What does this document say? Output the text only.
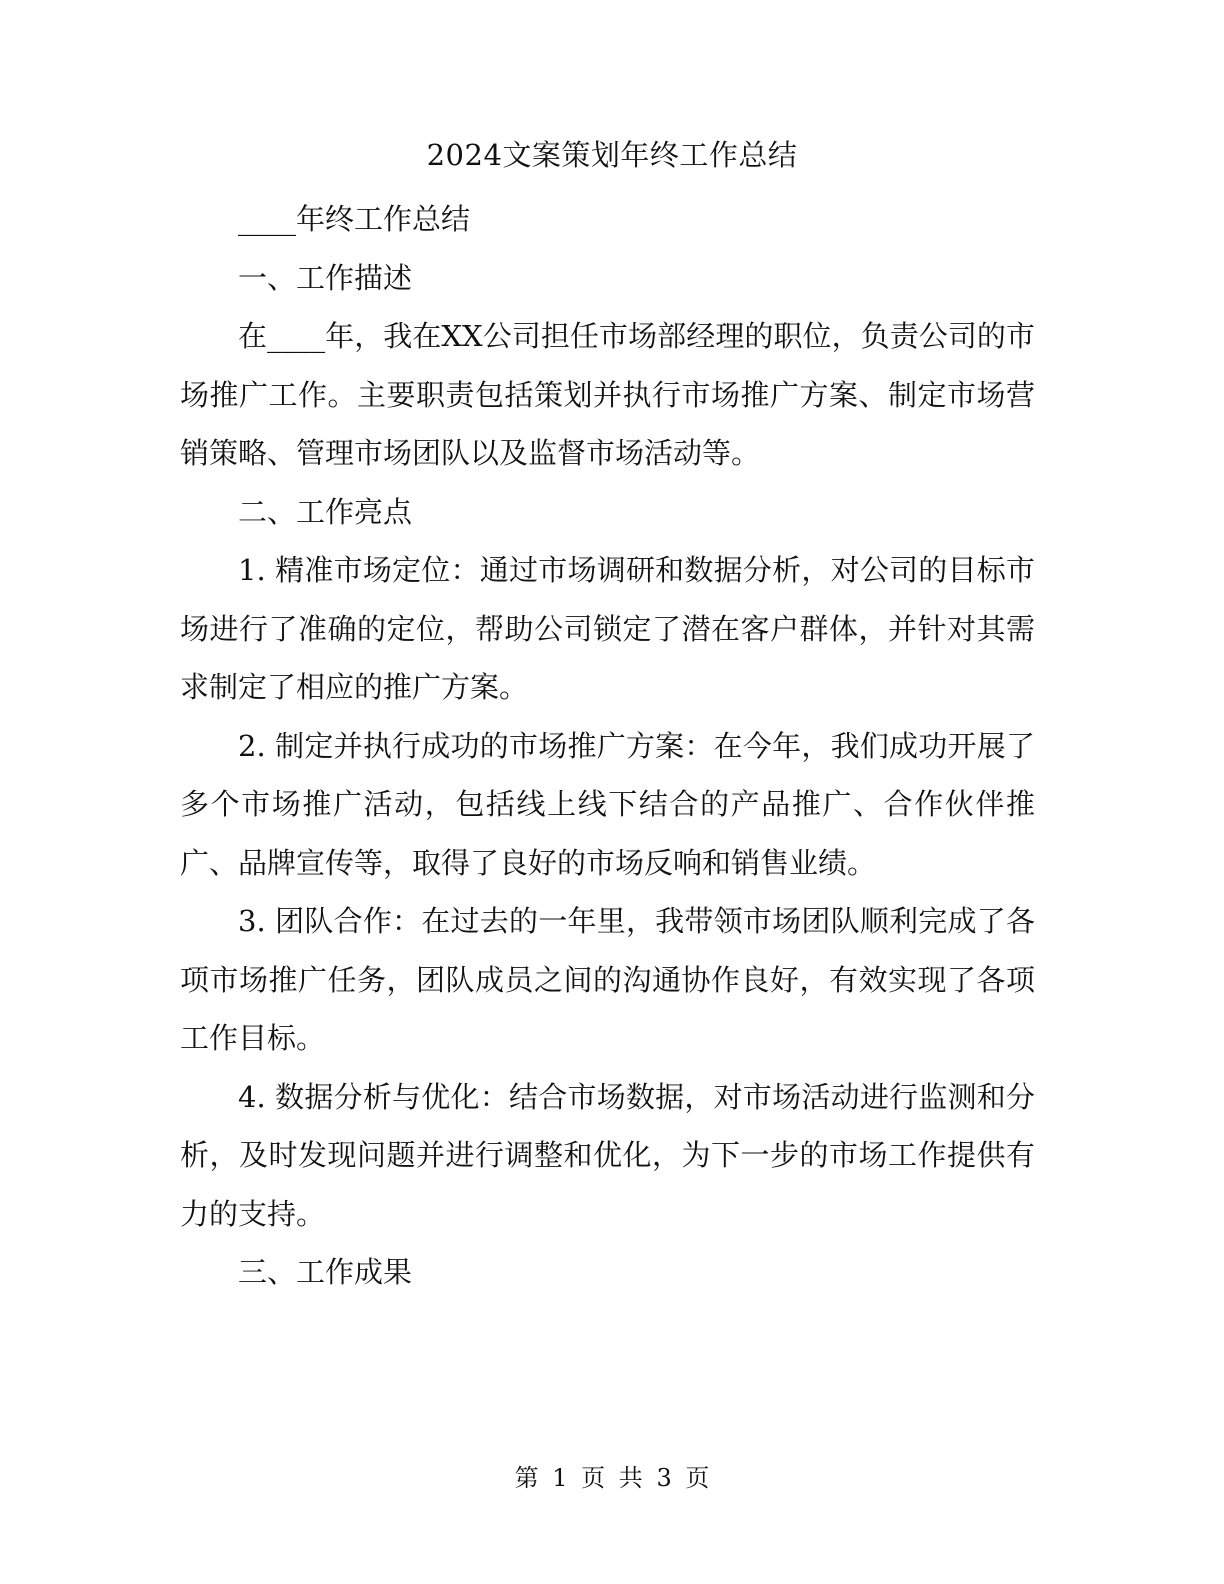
2024文案策划年终工作总结

____年终工作总结

一、工作描述

在____年，我在XX公司担任市场部经理的职位，负责公司的市场推广工作。主要职责包括策划并执行市场推广方案、制定市场营销策略、管理市场团队以及监督市场活动等。

二、工作亮点

1. 精准市场定位：通过市场调研和数据分析，对公司的目标市场进行了准确的定位，帮助公司锁定了潜在客户群体，并针对其需求制定了相应的推广方案。

2. 制定并执行成功的市场推广方案：在今年，我们成功开展了多个市场推广活动，包括线上线下结合的产品推广、合作伙伴推广、品牌宣传等，取得了良好的市场反响和销售业绩。

3. 团队合作：在过去的一年里，我带领市场团队顺利完成了各项市场推广任务，团队成员之间的沟通协作良好，有效实现了各项工作目标。

4. 数据分析与优化：结合市场数据，对市场活动进行监测和分析，及时发现问题并进行调整和优化，为下一步的市场工作提供有力的支持。

三、工作成果

第 1 页 共 3 页
